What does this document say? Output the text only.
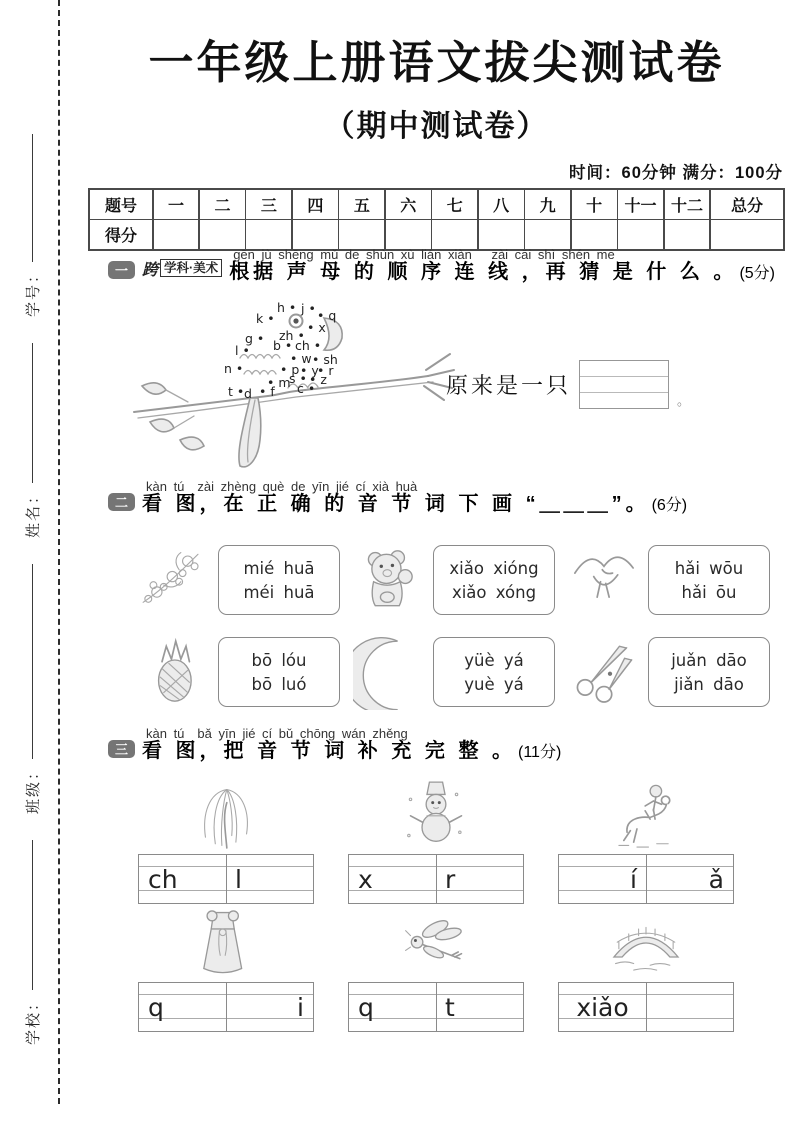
学校：
班级：
姓名：
学号：
一年级上册语文拔尖测试卷
（期中测试卷）
时间：60分钟 满分：100分
题号	一	二	三	四	五	六	七	八	九	十	十一 十二	总分
得分
一 跨 学科·美术
gēn jù shēng mǔ de shùn xù lián xiàn　 zài cāi shì shén me
根据 声 母 的 顺 序 连 线 ，再 猜 是 什 么 。 (5分)
k •
h • j • • q
• x
g • zh •
b • ch •
l •
• w • sh
n •	• p • y
• r
s • • z
• m c •
t • d • f	原来是一只
。
二
kàn tú　zài zhèng què de yīn jié cí xià huà
看 图，在 正 确 的 音 节 词 下 画 “＿＿＿”。 (6分)
mié huā
méi huā
xiǎo xióng
xiǎo xóng
hǎi wōu
hǎi ōu
bō lóu
bō luó
yüè yá
yuè yá
juǎn dāo
jiǎn dāo
三
kàn tú　bǎ yīn jié cí bǔ chōng wán zhěng
看 图，把 音 节 词 补 充 完 整 。 (11分)
ch	l	x	r	í	ǎ
q	i	q	t	xiǎo
